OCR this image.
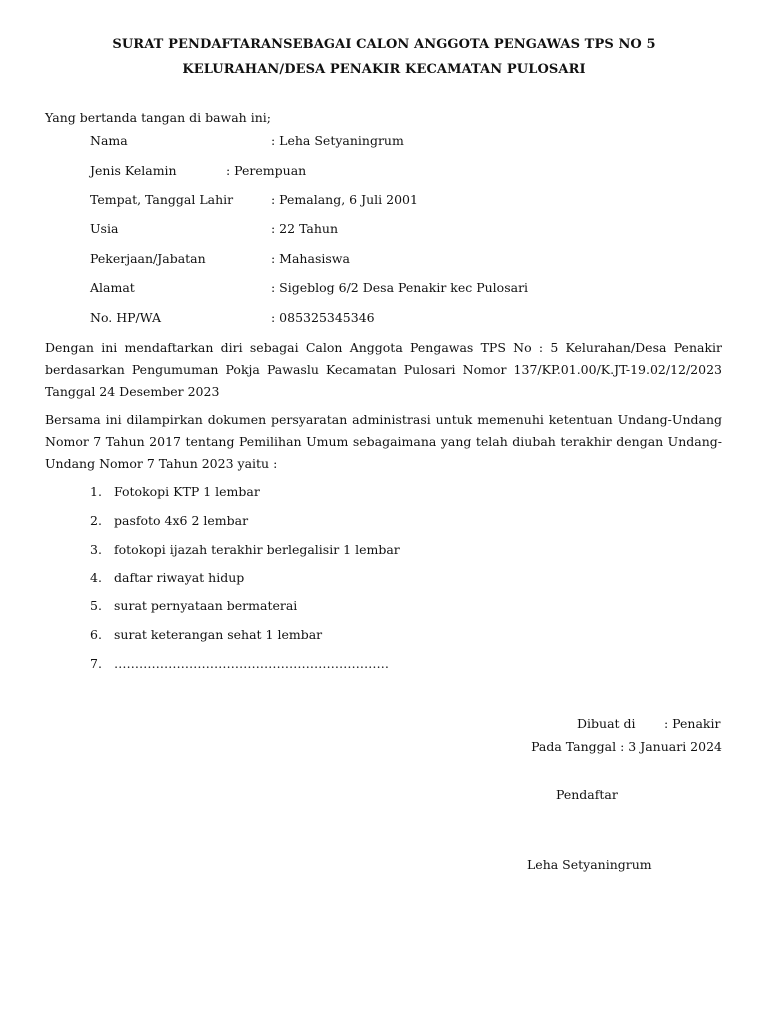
SURAT PENDAFTARANSEBAGAI CALON ANGGOTA PENGAWAS TPS NO 5
KELURAHAN/DESA PENAKIR KECAMATAN PULOSARI
Yang bertanda tangan di bawah ini;
Nama	: Leha Setyaningrum
Jenis Kelamin	: Perempuan
Tempat, Tanggal Lahir	: Pemalang, 6 Juli 2001
Usia	: 22 Tahun
Pekerjaan/Jabatan	: Mahasiswa
Alamat	: Sigeblog 6/2 Desa Penakir kec Pulosari
No. HP/WA	: 085325345346
Dengan ini mendaftarkan diri sebagai Calon Anggota Pengawas TPS No : 5 Kelurahan/Desa Penakir berdasarkan Pengumuman Pokja Pawaslu Kecamatan Pulosari Nomor 137/KP.01.00/K.JT-19.02/12/2023 Tanggal 24 Desember 2023
Bersama ini dilampirkan dokumen persyaratan administrasi untuk memenuhi ketentuan Undang-Undang Nomor 7 Tahun 2017 tentang Pemilihan Umum sebagaimana yang telah diubah terakhir dengan Undang-Undang Nomor 7 Tahun 2023 yaitu :
1. Fotokopi KTP 1 lembar
2. pasfoto 4x6 2 lembar
3. fotokopi ijazah terakhir berlegalisir 1 lembar
4. daftar riwayat hidup
5. surat pernyataan bermaterai
6. surat keterangan sehat 1 lembar
7. …………………………………………………………
Dibuat di : Penakir
Pada Tanggal : 3 Januari 2024
Pendaftar
Leha Setyaningrum
